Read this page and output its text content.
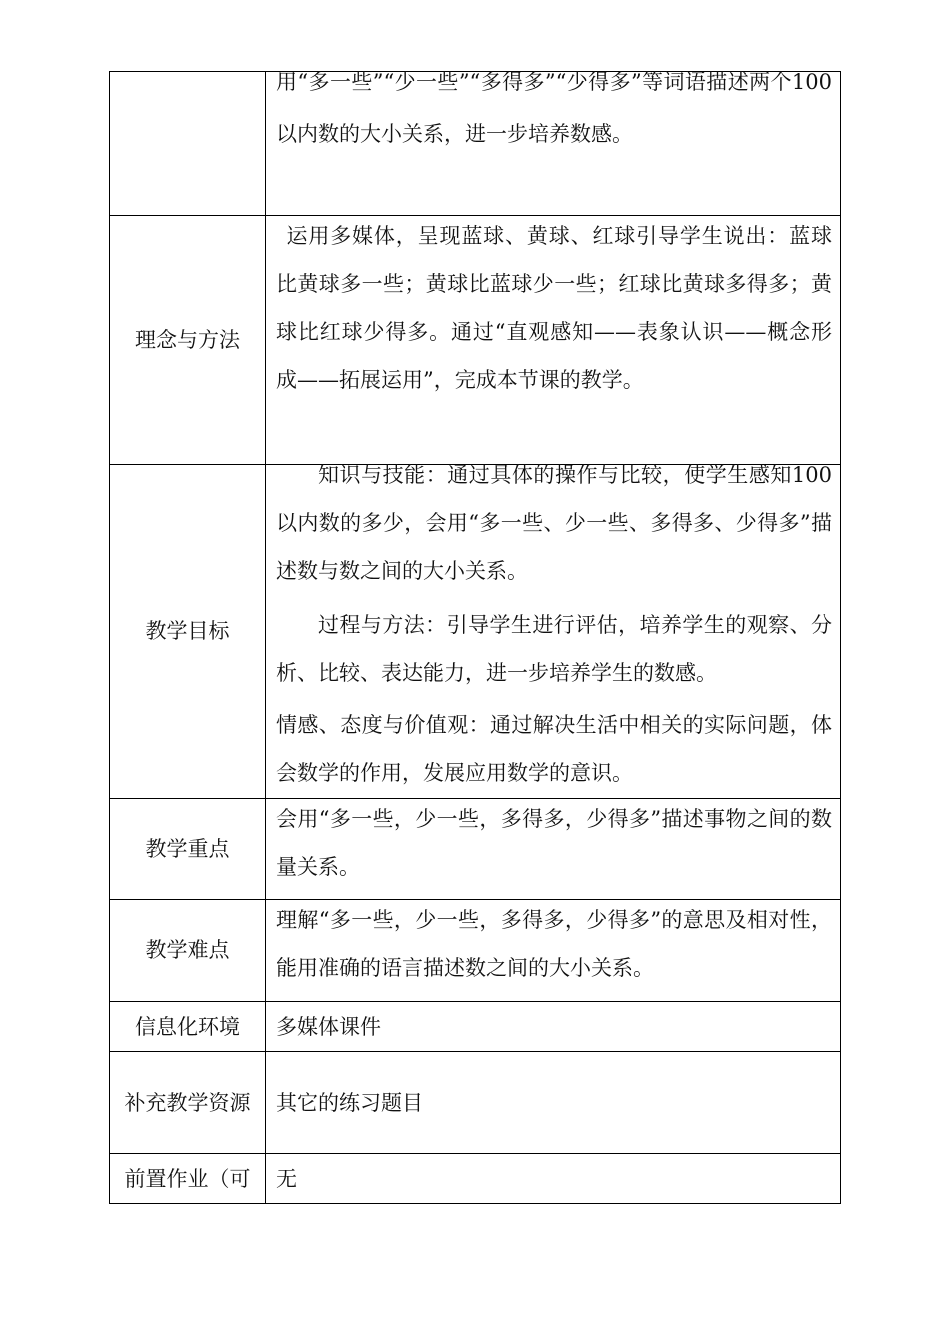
	用“多一些”“少一些”“多得多”“少得多”等词语描述两个100以内数的大小关系，进一步培养数感。

理念与方法	运用多媒体，呈现蓝球、黄球、红球引导学生说出：蓝球比黄球多一些；黄球比蓝球少一些；红球比黄球多得多；黄球比红球少得多。通过“直观感知——表象认识——概念形成——拓展运用”，完成本节课的教学。

教学目标	知识与技能：通过具体的操作与比较，使学生感知100以内数的多少，会用“多一些、少一些、多得多、少得多”描述数与数之间的大小关系。
过程与方法：引导学生进行评估，培养学生的观察、分析、比较、表达能力，进一步培养学生的数感。
情感、态度与价值观：通过解决生活中相关的实际问题，体会数学的作用，发展应用数学的意识。

教学重点	会用“多一些，少一些，多得多，少得多”描述事物之间的数量关系。

教学难点	理解“多一些，少一些，多得多，少得多”的意思及相对性，能用准确的语言描述数之间的大小关系。

信息化环境	多媒体课件

补充教学资源	其它的练习题目

前置作业（可	无
